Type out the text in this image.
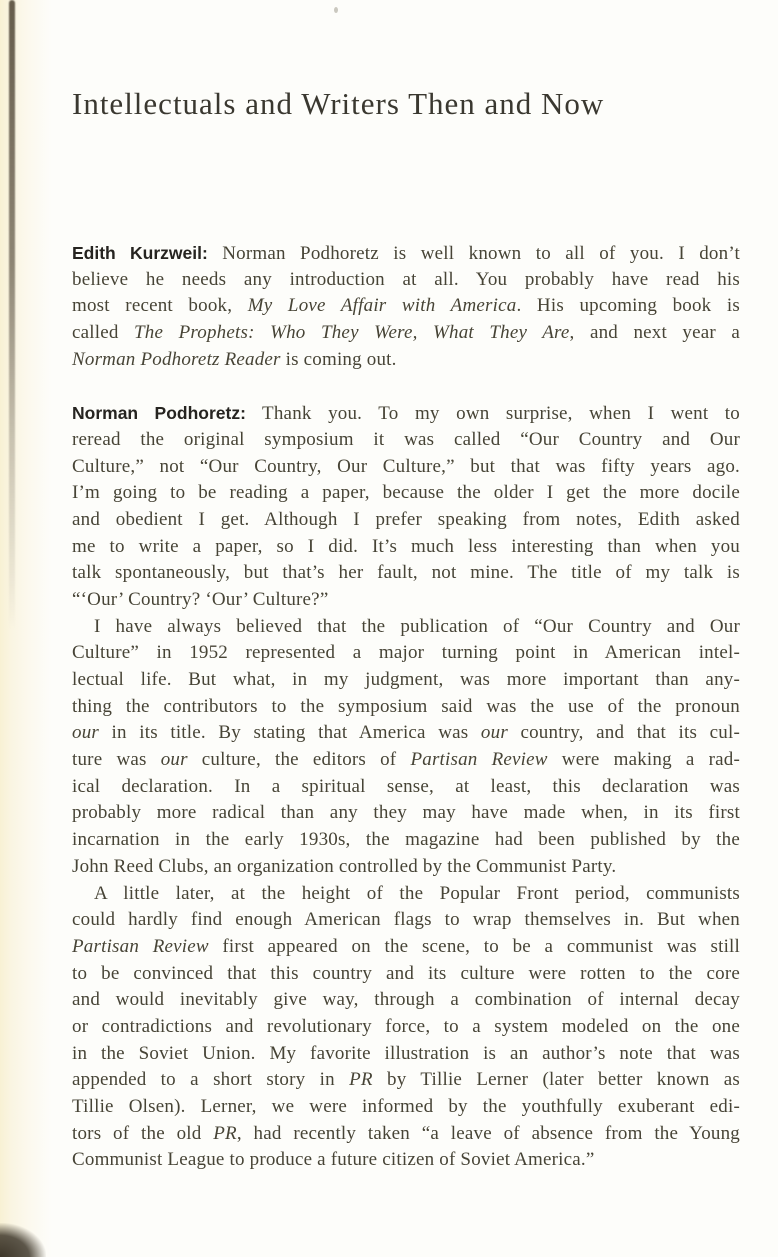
Intellectuals and Writers Then and Now
Edith Kurzweil: Norman Podhoretz is well known to all of you. I don’t
believe he needs any introduction at all. You probably have read his
most recent book, My Love Affair with America. His upcoming book is
called The Prophets: Who They Were, What They Are, and next year a
Norman Podhoretz Reader is coming out.
Norman Podhoretz: Thank you. To my own surprise, when I went to
reread the original symposium it was called “Our Country and Our
Culture,” not “Our Country, Our Culture,” but that was fifty years ago.
I’m going to be reading a paper, because the older I get the more docile
and obedient I get. Although I prefer speaking from notes, Edith asked
me to write a paper, so I did. It’s much less interesting than when you
talk spontaneously, but that’s her fault, not mine. The title of my talk is
“‘Our’ Country? ‘Our’ Culture?”
I have always believed that the publication of “Our Country and Our
Culture” in 1952 represented a major turning point in American intel-
lectual life. But what, in my judgment, was more important than any-
thing the contributors to the symposium said was the use of the pronoun
our in its title. By stating that America was our country, and that its cul-
ture was our culture, the editors of Partisan Review were making a rad-
ical declaration. In a spiritual sense, at least, this declaration was
probably more radical than any they may have made when, in its first
incarnation in the early 1930s, the magazine had been published by the
John Reed Clubs, an organization controlled by the Communist Party.
A little later, at the height of the Popular Front period, communists
could hardly find enough American flags to wrap themselves in. But when
Partisan Review first appeared on the scene, to be a communist was still
to be convinced that this country and its culture were rotten to the core
and would inevitably give way, through a combination of internal decay
or contradictions and revolutionary force, to a system modeled on the one
in the Soviet Union. My favorite illustration is an author’s note that was
appended to a short story in PR by Tillie Lerner (later better known as
Tillie Olsen). Lerner, we were informed by the youthfully exuberant edi-
tors of the old PR, had recently taken “a leave of absence from the Young
Communist League to produce a future citizen of Soviet America.”
